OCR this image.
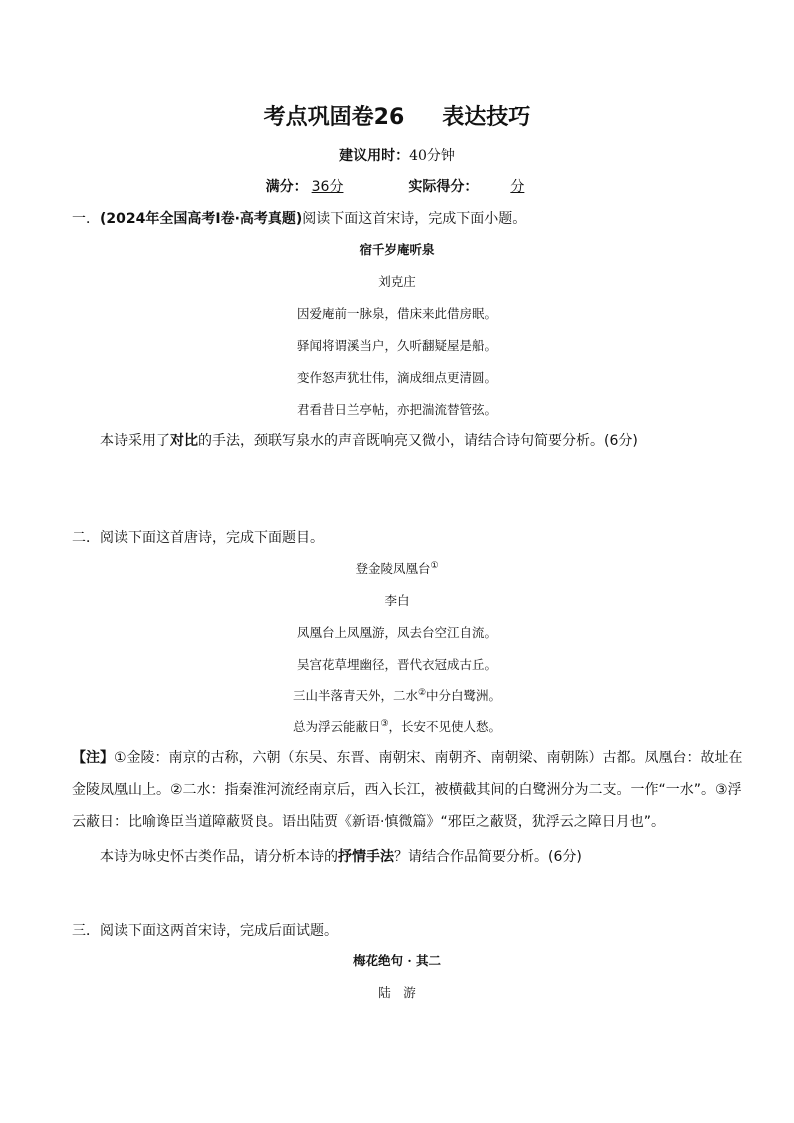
考点巩固卷26 表达技巧
建议用时：40分钟
满分： 36分	实际得分： 分
一．(2024年全国高考Ⅰ卷·高考真题)阅读下面这首宋诗，完成下面小题。
宿千岁庵听泉
刘克庄
因爱庵前一脉泉，借床来此借房眠。
驿闻将谓溪当户，久听翻疑屋是船。
变作怒声犹壮伟，滴成细点更清圆。
君看昔日兰亭帖，亦把湍流替管弦。
本诗采用了对比的手法，颈联写泉水的声音既响亮又微小，请结合诗句简要分析。(6分)
二．阅读下面这首唐诗，完成下面题目。
登金陵凤凰台①
李白
凤凰台上凤凰游，凤去台空江自流。
吴宫花草埋幽径，晋代衣冠成古丘。
三山半落青天外，二水②中分白鹭洲。
总为浮云能蔽日③，长安不见使人愁。
【注】①金陵：南京的古称，六朝（东吴、东晋、南朝宋、南朝齐、南朝梁、南朝陈）古都。凤凰台：故址在金陵凤凰山上。②二水：指秦淮河流经南京后，西入长江，被横截其间的白鹭洲分为二支。一作“一水”。③浮云蔽日：比喻谗臣当道障蔽贤良。语出陆贾《新语·慎微篇》“邪臣之蔽贤，犹浮云之障日月也”。
本诗为咏史怀古类作品，请分析本诗的抒情手法？请结合作品简要分析。(6分)
三．阅读下面这两首宋诗，完成后面试题。
梅花绝句 · 其二
陆　游
